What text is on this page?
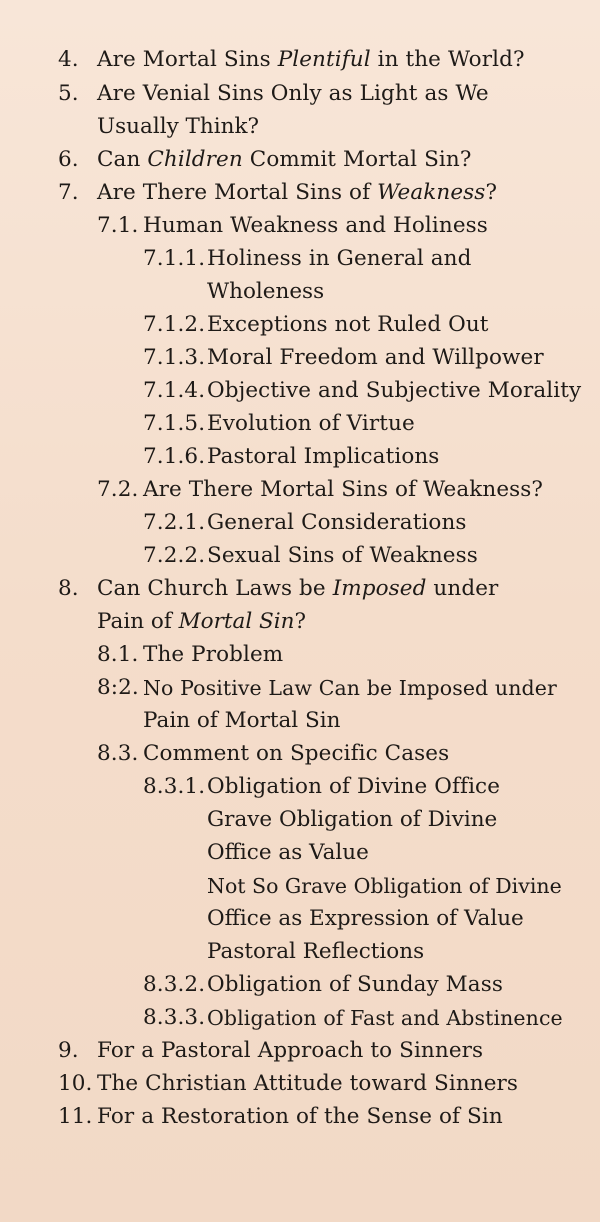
4. Are Mortal Sins Plentiful in the World?
5. Are Venial Sins Only as Light as We
Usually Think?
6. Can Children Commit Mortal Sin?
7. Are There Mortal Sins of Weakness?
7.1. Human Weakness and Holiness
7.1.1. Holiness in General and
Wholeness
7.1.2. Exceptions not Ruled Out
7.1.3. Moral Freedom and Willpower
7.1.4. Objective and Subjective Morality
7.1.5. Evolution of Virtue
7.1.6. Pastoral Implications
7.2. Are There Mortal Sins of Weakness?
7.2.1. General Considerations
7.2.2. Sexual Sins of Weakness
8. Can Church Laws be Imposed under
Pain of Mortal Sin?
8.1. The Problem
8:2. No Positive Law Can be Imposed under
Pain of Mortal Sin
8.3. Comment on Specific Cases
8.3.1. Obligation of Divine Office
Grave Obligation of Divine
Office as Value
Not So Grave Obligation of Divine
Office as Expression of Value
Pastoral Reflections
8.3.2. Obligation of Sunday Mass
8.3.3. Obligation of Fast and Abstinence
9. For a Pastoral Approach to Sinners
10. The Christian Attitude toward Sinners
11. For a Restoration of the Sense of Sin
